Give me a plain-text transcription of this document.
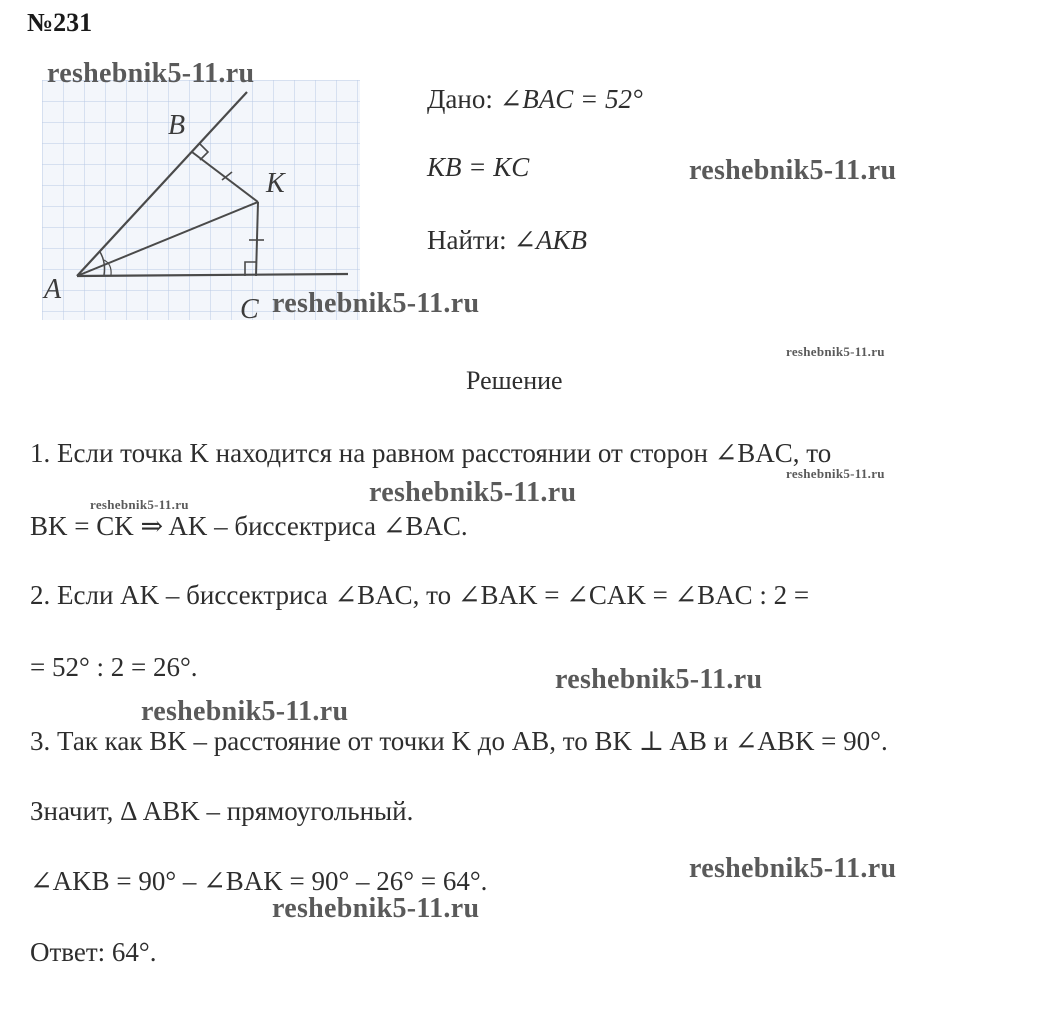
№231
B
K
A
C
reshebnik5-11.ru
reshebnik5-11.ru
reshebnik5-11.ru
reshebnik5-11.ru
reshebnik5-11.ru
reshebnik5-11.ru
reshebnik5-11.ru
reshebnik5-11.ru
reshebnik5-11.ru
reshebnik5-11.ru
reshebnik5-11.ru
Дано: ∠BAC = 52°
KB = KC
Найти: ∠AKB
Решение
1. Если точка K находится на равном расстоянии от сторон ∠BAC, то
BK = CK ⇒ AK – биссектриса ∠BAC.
2. Если AK – биссектриса ∠BAC, то ∠BAK = ∠CAK = ∠BAC : 2 =
= 52° : 2 = 26°.
3. Так как BK – расстояние от точки K до AB, то BK ⊥ AB и ∠ABK = 90°.
Значит, Δ ABK – прямоугольный.
∠AKB = 90° – ∠BAK = 90° – 26° = 64°.
Ответ: 64°.
